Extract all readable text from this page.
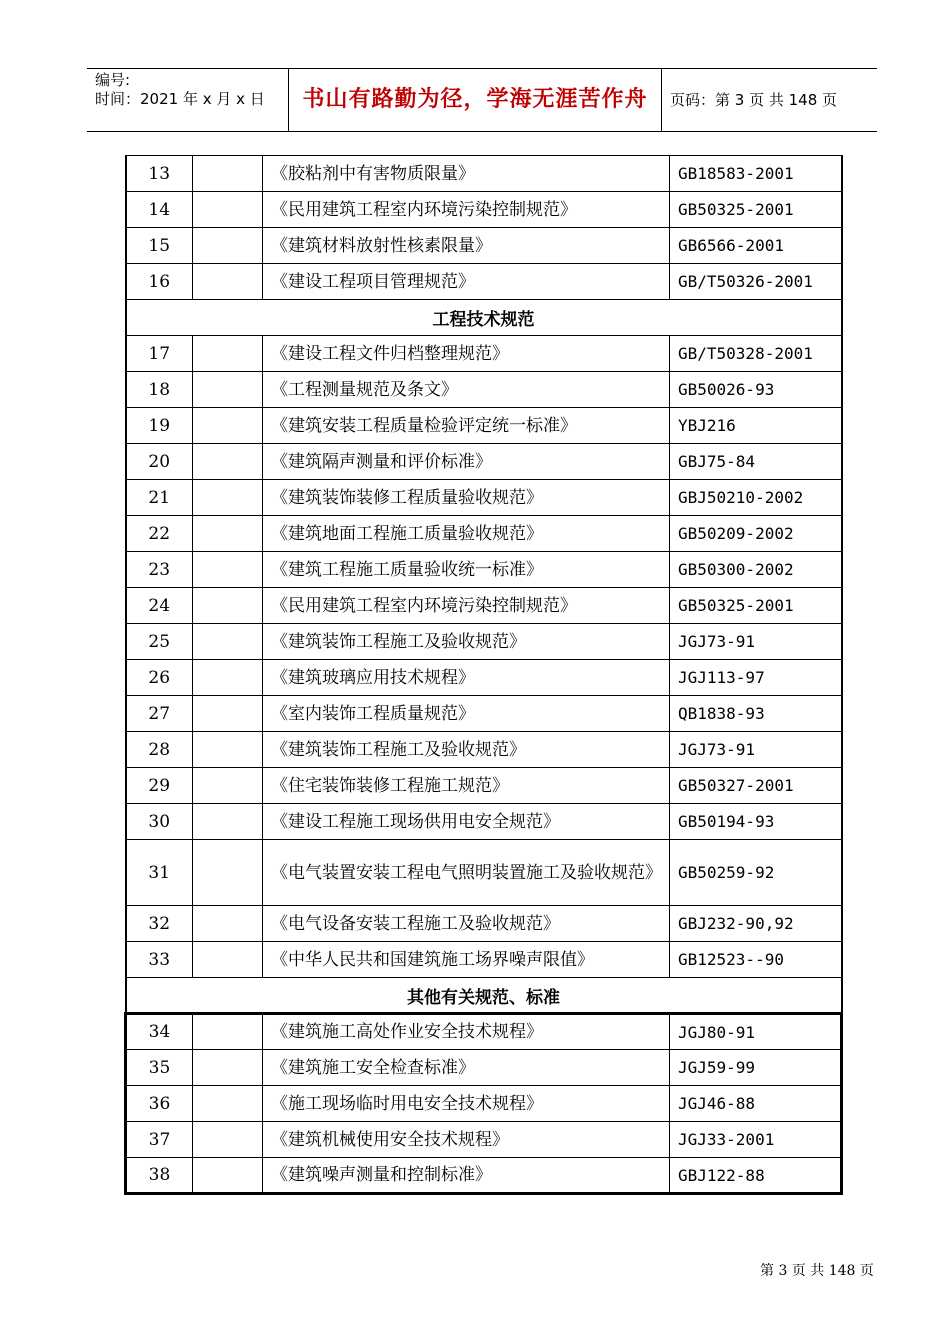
编号:
时间：2021 年 x 月 x 日	书山有路勤为径，学海无涯苦作舟	页码：第 3 页 共 148 页
13		《胶粘剂中有害物质限量》	GB18583-2001
14		《民用建筑工程室内环境污染控制规范》	GB50325-2001
15		《建筑材料放射性核素限量》	GB6566-2001
16		《建设工程项目管理规范》	GB/T50326-2001
工程技术规范			
17		《建设工程文件归档整理规范》	GB/T50328-2001
18		《工程测量规范及条文》	GB50026-93
19		《建筑安装工程质量检验评定统一标准》	YBJ216
20		《建筑隔声测量和评价标准》	GBJ75-84
21		《建筑装饰装修工程质量验收规范》	GBJ50210-2002
22		《建筑地面工程施工质量验收规范》	GB50209-2002
23		《建筑工程施工质量验收统一标准》	GB50300-2002
24		《民用建筑工程室内环境污染控制规范》	GB50325-2001
25		《建筑装饰工程施工及验收规范》	JGJ73-91
26		《建筑玻璃应用技术规程》	JGJ113-97
27		《室内装饰工程质量规范》	QB1838-93
28		《建筑装饰工程施工及验收规范》	JGJ73-91
29		《住宅装饰装修工程施工规范》	GB50327-2001
30		《建设工程施工现场供用电安全规范》	GB50194-93
31		《电气装置安装工程电气照明装置施工及验收规范》	GB50259-92
32		《电气设备安装工程施工及验收规范》	GBJ232-90,92
33		《中华人民共和国建筑施工场界噪声限值》	GB12523--90
其他有关规范、标准			
34		《建筑施工高处作业安全技术规程》	JGJ80-91
35		《建筑施工安全检查标准》	JGJ59-99
36		《施工现场临时用电安全技术规程》	JGJ46-88
37		《建筑机械使用安全技术规程》	JGJ33-2001
38		《建筑噪声测量和控制标准》	GBJ122-88
第 3 页 共 148 页
